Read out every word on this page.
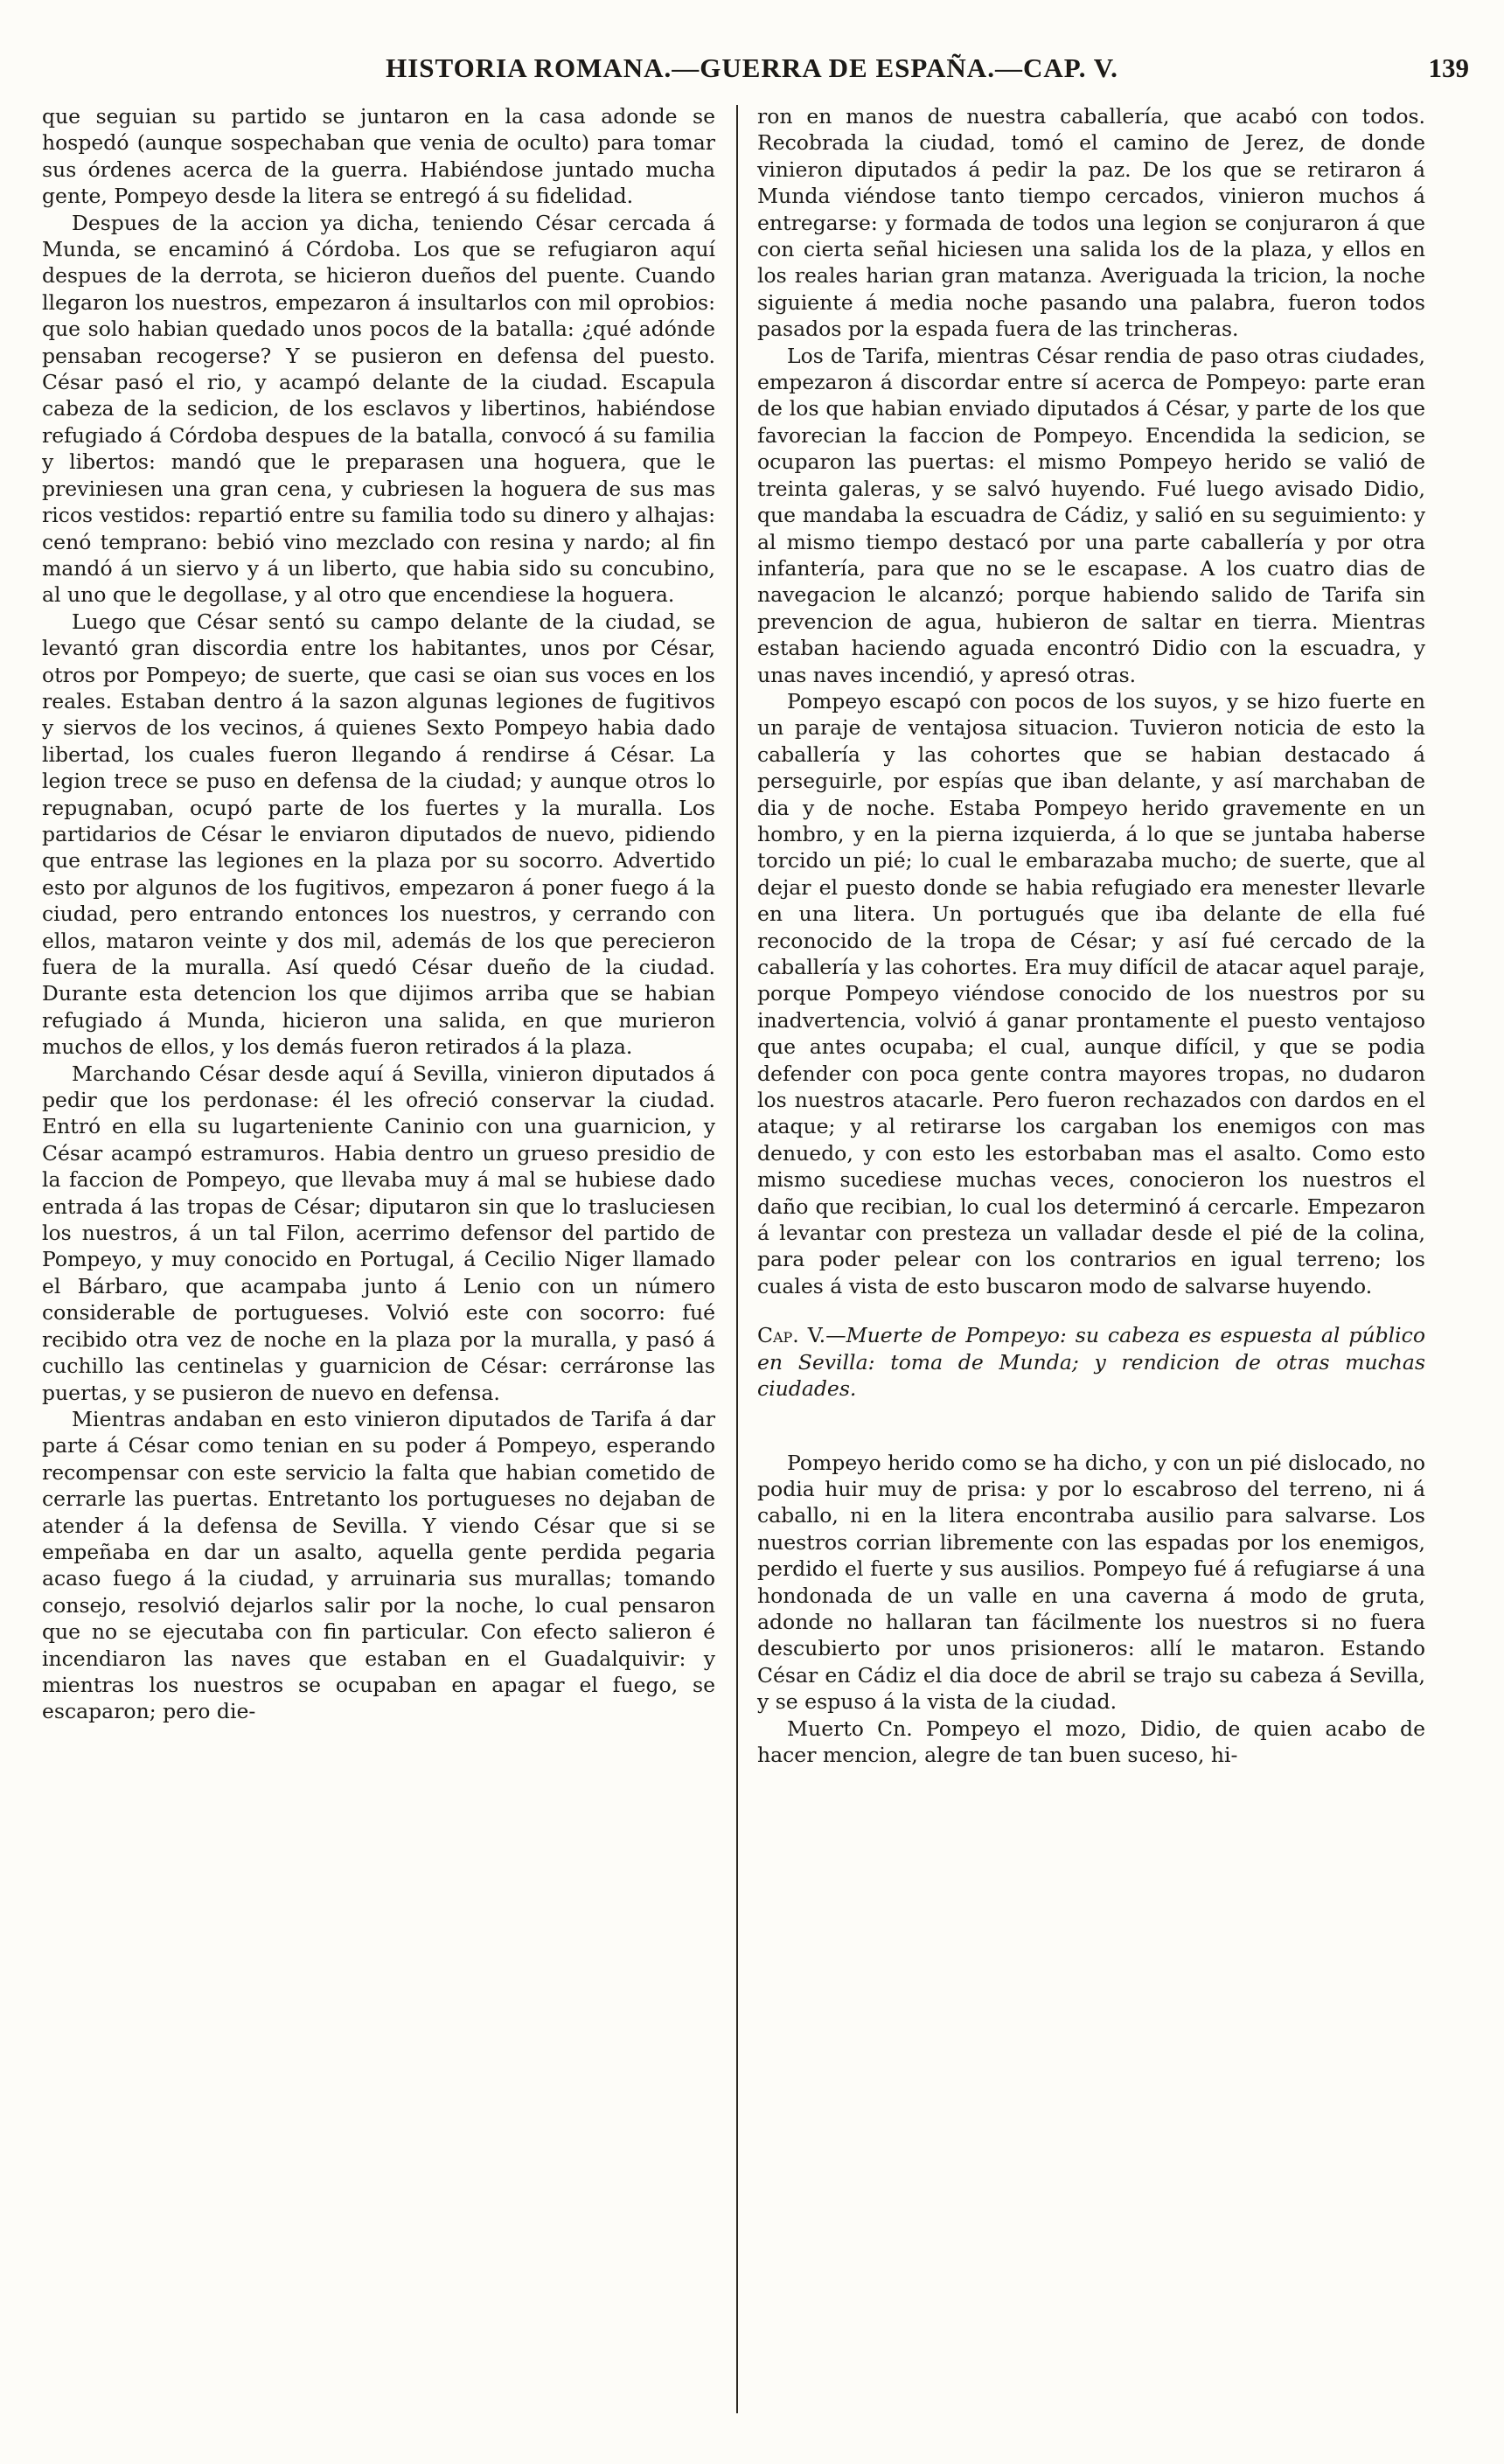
HISTORIA ROMANA.—GUERRA DE ESPAÑA.—CAP. V.	139

que seguian su partido se juntaron en la casa adonde se hospedó (aunque sospechaban que venia de oculto) para tomar sus órdenes acerca de la guerra. Habiéndose juntado mucha gente, Pompeyo desde la litera se entregó á su fidelidad.

Despues de la accion ya dicha, teniendo César cercada á Munda, se encaminó á Córdoba. Los que se refugiaron aquí despues de la derrota, se hicieron dueños del puente. Cuando llegaron los nuestros, empezaron á insultarlos con mil oprobios: que solo habian quedado unos pocos de la batalla: ¿qué adónde pensaban recogerse? Y se pusieron en defensa del puesto. César pasó el rio, y acampó delante de la ciudad. Escapula cabeza de la sedicion, de los esclavos y libertinos, habiéndose refugiado á Córdoba despues de la batalla, convocó á su familia y libertos: mandó que le preparasen una hoguera, que le previniesen una gran cena, y cubriesen la hoguera de sus mas ricos vestidos: repartió entre su familia todo su dinero y alhajas: cenó temprano: bebió vino mezclado con resina y nardo; al fin mandó á un siervo y á un liberto, que habia sido su concubino, al uno que le degollase, y al otro que encendiese la hoguera.

Luego que César sentó su campo delante de la ciudad, se levantó gran discordia entre los habitantes, unos por César, otros por Pompeyo; de suerte, que casi se oian sus voces en los reales. Estaban dentro á la sazon algunas legiones de fugitivos y siervos de los vecinos, á quienes Sexto Pompeyo habia dado libertad, los cuales fueron llegando á rendirse á César. La legion trece se puso en defensa de la ciudad; y aunque otros lo repugnaban, ocupó parte de los fuertes y la muralla. Los partidarios de César le enviaron diputados de nuevo, pidiendo que entrase las legiones en la plaza por su socorro. Advertido esto por algunos de los fugitivos, empezaron á poner fuego á la ciudad, pero entrando entonces los nuestros, y cerrando con ellos, mataron veinte y dos mil, además de los que perecieron fuera de la muralla. Así quedó César dueño de la ciudad. Durante esta detencion los que dijimos arriba que se habian refugiado á Munda, hicieron una salida, en que murieron muchos de ellos, y los demás fueron retirados á la plaza.

Marchando César desde aquí á Sevilla, vinieron diputados á pedir que los perdonase: él les ofreció conservar la ciudad. Entró en ella su lugarteniente Caninio con una guarnicion, y César acampó estramuros. Habia dentro un grueso presidio de la faccion de Pompeyo, que llevaba muy á mal se hubiese dado entrada á las tropas de César; diputaron sin que lo trasluciesen los nuestros, á un tal Filon, acerrimo defensor del partido de Pompeyo, y muy conocido en Portugal, á Cecilio Niger llamado el Bárbaro, que acampaba junto á Lenio con un número considerable de portugueses. Volvió este con socorro: fué recibido otra vez de noche en la plaza por la muralla, y pasó á cuchillo las centinelas y guarnicion de César: cerráronse las puertas, y se pusieron de nuevo en defensa.

Mientras andaban en esto vinieron diputados de Tarifa á dar parte á César como tenian en su poder á Pompeyo, esperando recompensar con este servicio la falta que habian cometido de cerrarle las puertas. Entretanto los portugueses no dejaban de atender á la defensa de Sevilla. Y viendo César que si se empeñaba en dar un asalto, aquella gente perdida pegaria acaso fuego á la ciudad, y arruinaria sus murallas; tomando consejo, resolvió dejarlos salir por la noche, lo cual pensaron que no se ejecutaba con fin particular. Con efecto salieron é incendiaron las naves que estaban en el Guadalquivir: y mientras los nuestros se ocupaban en apagar el fuego, se escaparon; pero die-

ron en manos de nuestra caballería, que acabó con todos. Recobrada la ciudad, tomó el camino de Jerez, de donde vinieron diputados á pedir la paz. De los que se retiraron á Munda viéndose tanto tiempo cercados, vinieron muchos á entregarse: y formada de todos una legion se conjuraron á que con cierta señal hiciesen una salida los de la plaza, y ellos en los reales harian gran matanza. Averiguada la tricion, la noche siguiente á media noche pasando una palabra, fueron todos pasados por la espada fuera de las trincheras.

Los de Tarifa, mientras César rendia de paso otras ciudades, empezaron á discordar entre sí acerca de Pompeyo: parte eran de los que habian enviado diputados á César, y parte de los que favorecian la faccion de Pompeyo. Encendida la sedicion, se ocuparon las puertas: el mismo Pompeyo herido se valió de treinta galeras, y se salvó huyendo. Fué luego avisado Didio, que mandaba la escuadra de Cádiz, y salió en su seguimiento: y al mismo tiempo destacó por una parte caballería y por otra infantería, para que no se le escapase. A los cuatro dias de navegacion le alcanzó; porque habiendo salido de Tarifa sin prevencion de agua, hubieron de saltar en tierra. Mientras estaban haciendo aguada encontró Didio con la escuadra, y unas naves incendió, y apresó otras.

Pompeyo escapó con pocos de los suyos, y se hizo fuerte en un paraje de ventajosa situacion. Tuvieron noticia de esto la caballería y las cohortes que se habian destacado á perseguirle, por espías que iban delante, y así marchaban de dia y de noche. Estaba Pompeyo herido gravemente en un hombro, y en la pierna izquierda, á lo que se juntaba haberse torcido un pié; lo cual le embarazaba mucho; de suerte, que al dejar el puesto donde se habia refugiado era menester llevarle en una litera. Un portugués que iba delante de ella fué reconocido de la tropa de César; y así fué cercado de la caballería y las cohortes. Era muy difícil de atacar aquel paraje, porque Pompeyo viéndose conocido de los nuestros por su inadvertencia, volvió á ganar prontamente el puesto ventajoso que antes ocupaba; el cual, aunque difícil, y que se podia defender con poca gente contra mayores tropas, no dudaron los nuestros atacarle. Pero fueron rechazados con dardos en el ataque; y al retirarse los cargaban los enemigos con mas denuedo, y con esto les estorbaban mas el asalto. Como esto mismo sucediese muchas veces, conocieron los nuestros el daño que recibian, lo cual los determinó á cercarle. Empezaron á levantar con presteza un valladar desde el pié de la colina, para poder pelear con los contrarios en igual terreno; los cuales á vista de esto buscaron modo de salvarse huyendo.

Cap. V.—Muerte de Pompeyo: su cabeza es espuesta al público en Sevilla: toma de Munda; y rendicion de otras muchas ciudades.

Pompeyo herido como se ha dicho, y con un pié dislocado, no podia huir muy de prisa: y por lo escabroso del terreno, ni á caballo, ni en la litera encontraba ausilio para salvarse. Los nuestros corrian libremente con las espadas por los enemigos, perdido el fuerte y sus ausilios. Pompeyo fué á refugiarse á una hondonada de un valle en una caverna á modo de gruta, adonde no hallaran tan fácilmente los nuestros si no fuera descubierto por unos prisioneros: allí le mataron. Estando César en Cádiz el dia doce de abril se trajo su cabeza á Sevilla, y se espuso á la vista de la ciudad.

Muerto Cn. Pompeyo el mozo, Didio, de quien acabo de hacer mencion, alegre de tan buen suceso, hi-
